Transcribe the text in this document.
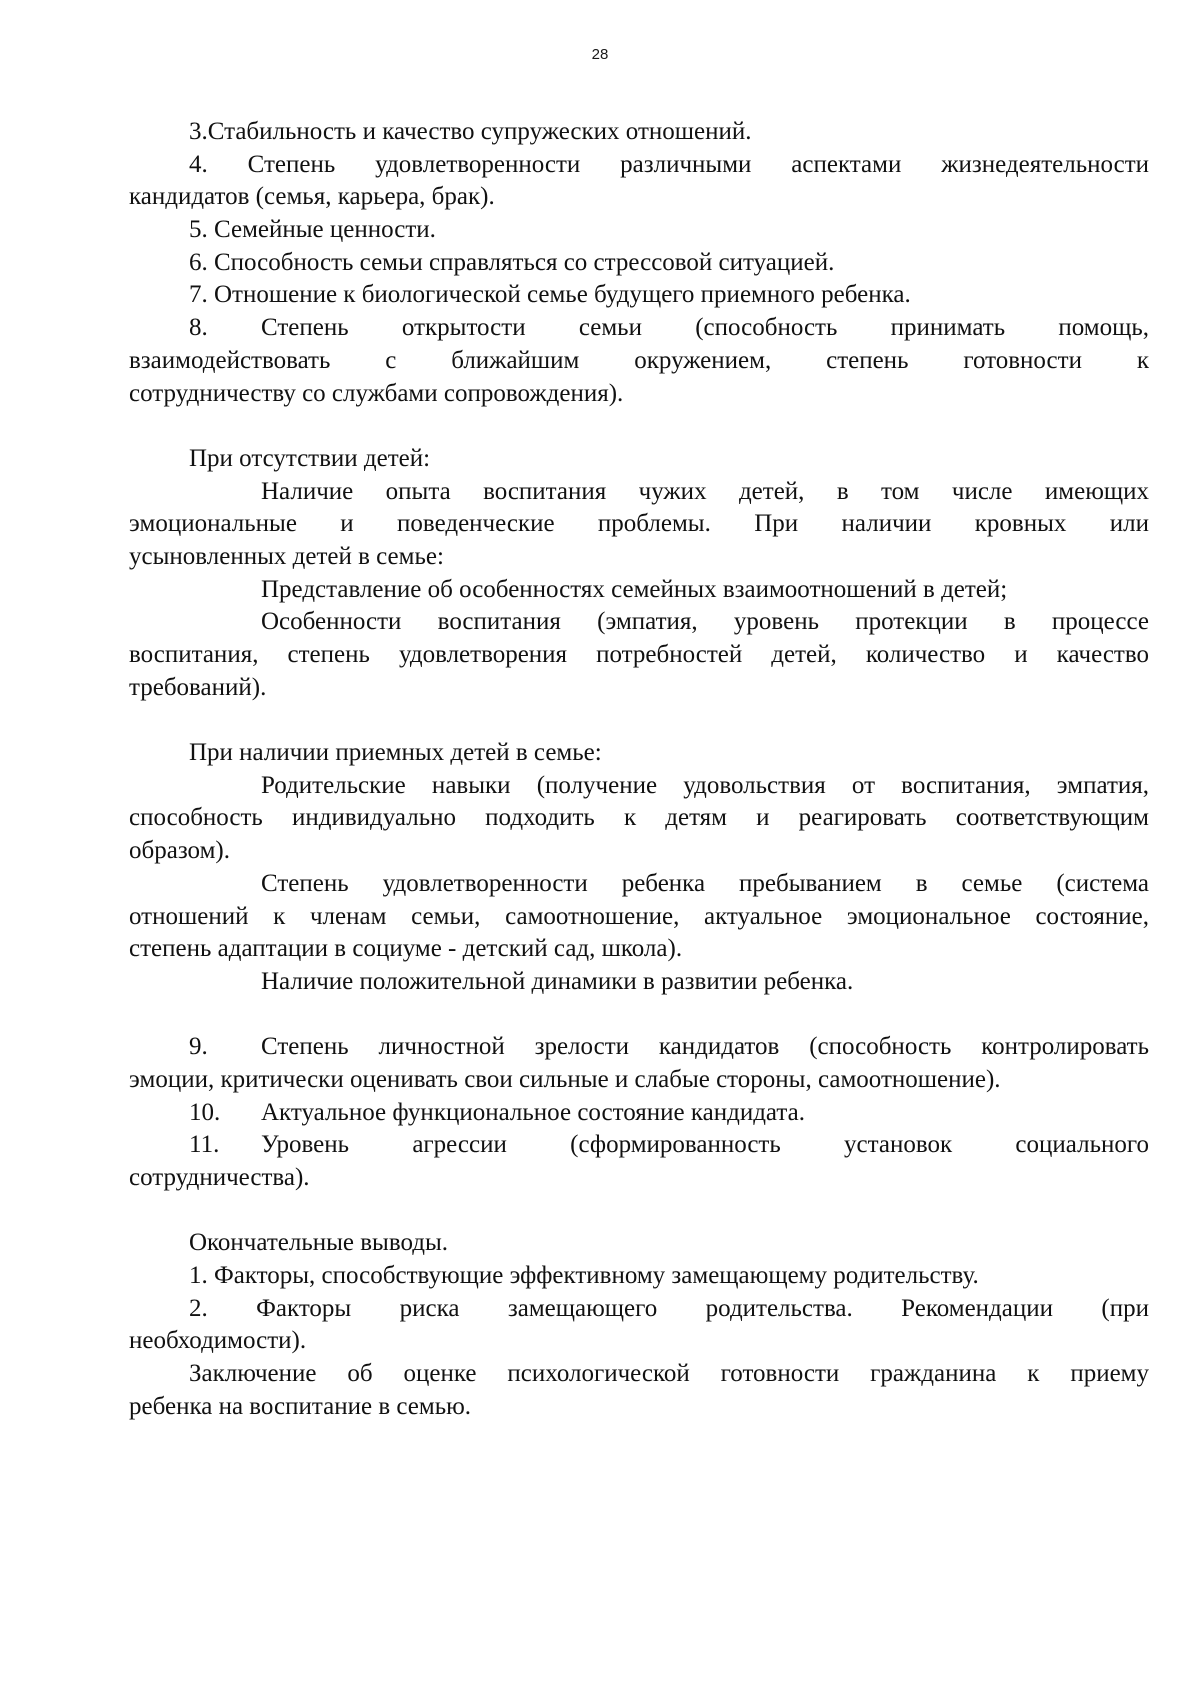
28
3.Стабильность и качество супружеских отношений.
4. Степень удовлетворенности различными аспектами жизнедеятельности
кандидатов (семья, карьера, брак).
5. Семейные ценности.
6. Способность семьи справляться со стрессовой ситуацией.
7. Отношение к биологической семье будущего приемного ребенка.
8. Степень открытости семьи (способность принимать помощь,
взаимодействовать с ближайшим окружением, степень готовности к
сотрудничеству со службами сопровождения).
При отсутствии детей:
Наличие опыта воспитания чужих детей, в том числе имеющих
эмоциональные и поведенческие проблемы. При наличии кровных или
усыновленных детей в семье:
Представление об особенностях семейных взаимоотношений в детей;
Особенности воспитания (эмпатия, уровень протекции в процессе
воспитания, степень удовлетворения потребностей детей, количество и качество
требований).
При наличии приемных детей в семье:
Родительские навыки (получение удовольствия от воспитания, эмпатия,
способность индивидуально подходить к детям и реагировать соответствующим
образом).
Степень удовлетворенности ребенка пребыванием в семье (система
отношений к членам семьи, самоотношение, актуальное эмоциональное состояние,
степень адаптации в социуме - детский сад, школа).
Наличие положительной динамики в развитии ребенка.
9. Степень личностной зрелости кандидатов (способность контролировать
эмоции, критически оценивать свои сильные и слабые стороны, самоотношение).
10. Актуальное функциональное состояние кандидата.
11. Уровень агрессии (сформированность установок социального
сотрудничества).
Окончательные выводы.
1. Факторы, способствующие эффективному замещающему родительству.
2. Факторы риска замещающего родительства. Рекомендации (при
необходимости).
Заключение об оценке психологической готовности гражданина к приему
ребенка на воспитание в семью.
